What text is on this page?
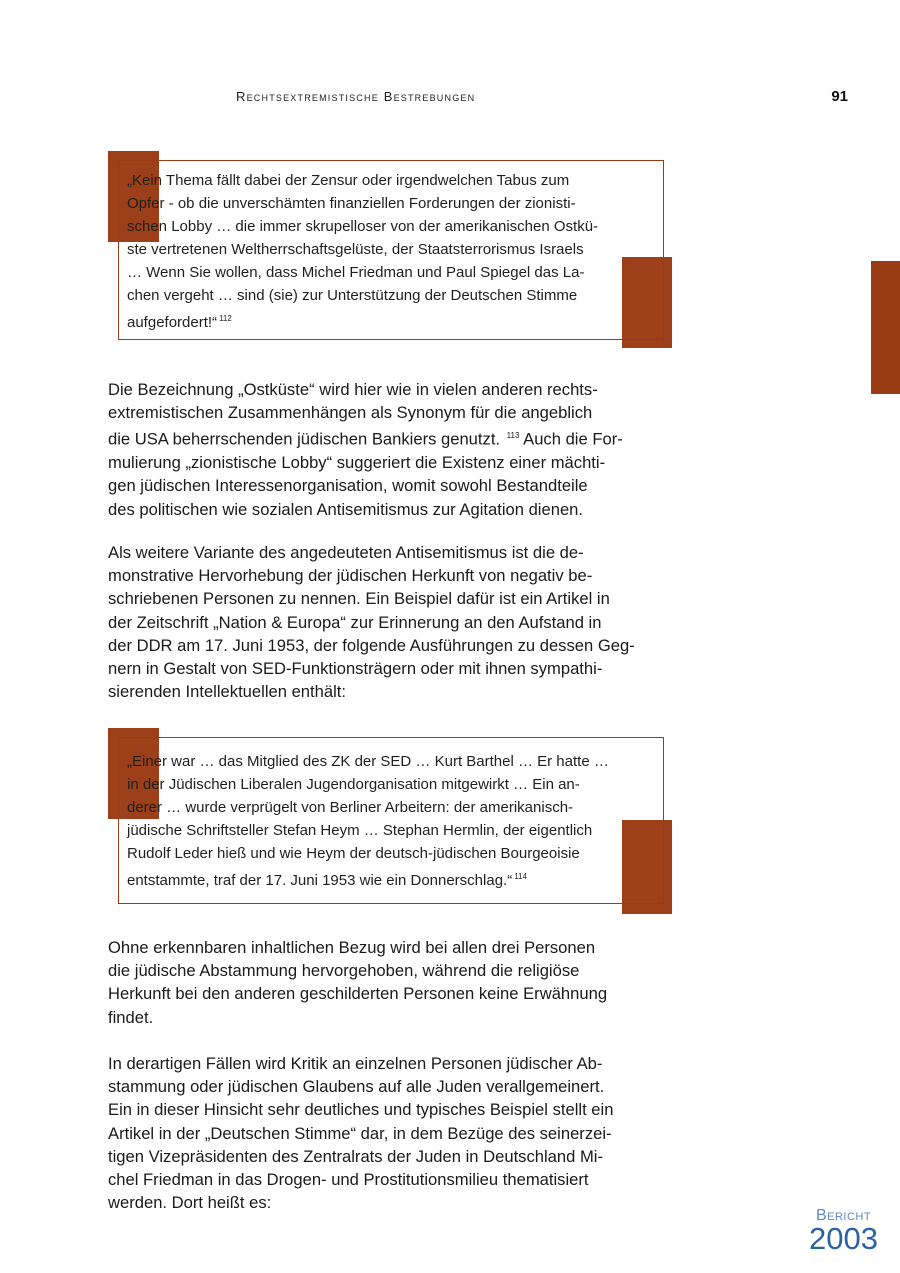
Rechtsextremistische Bestrebungen	91
„Kein Thema fällt dabei der Zensur oder irgendwelchen Tabus zum
Opfer - ob die unverschämten finanziellen Forderungen der zionisti-
schen Lobby … die immer skrupelloser von der amerikanischen Ostkü-
ste vertretenen Weltherrschaftsgelüste, der Staatsterrorismus Israels
… Wenn Sie wollen, dass Michel Friedman und Paul Spiegel das La-
chen vergeht … sind (sie) zur Unterstützung der Deutschen Stimme
aufgefordert!“ $^{112}$
Die Bezeichnung „Ostküste“ wird hier wie in vielen anderen rechts-
extremistischen Zusammenhängen als Synonym für die angeblich
die USA beherrschenden jüdischen Bankiers genutzt. $^{113}$ Auch die For-
mulierung „zionistische Lobby“ suggeriert die Existenz einer mächti-
gen jüdischen Interessenorganisation, womit sowohl Bestandteile
des politischen wie sozialen Antisemitismus zur Agitation dienen.
Als weitere Variante des angedeuteten Antisemitismus ist die de-
monstrative Hervorhebung der jüdischen Herkunft von negativ be-
schriebenen Personen zu nennen. Ein Beispiel dafür ist ein Artikel in
der Zeitschrift „Nation & Europa“ zur Erinnerung an den Aufstand in
der DDR am 17. Juni 1953, der folgende Ausführungen zu dessen Geg-
nern in Gestalt von SED-Funktionsträgern oder mit ihnen sympathi-
sierenden Intellektuellen enthält:
„Einer war … das Mitglied des ZK der SED … Kurt Barthel … Er hatte …
in der Jüdischen Liberalen Jugendorganisation mitgewirkt … Ein an-
derer … wurde verprügelt von Berliner Arbeitern: der amerikanisch-
jüdische Schriftsteller Stefan Heym … Stephan Hermlin, der eigentlich
Rudolf Leder hieß und wie Heym der deutsch-jüdischen Bourgeoisie
entstammte, traf der 17. Juni 1953 wie ein Donnerschlag.“ $^{114}$
Ohne erkennbaren inhaltlichen Bezug wird bei allen drei Personen
die jüdische Abstammung hervorgehoben, während die religiöse
Herkunft bei den anderen geschilderten Personen keine Erwähnung
findet.
In derartigen Fällen wird Kritik an einzelnen Personen jüdischer Ab-
stammung oder jüdischen Glaubens auf alle Juden verallgemeinert.
Ein in dieser Hinsicht sehr deutliches und typisches Beispiel stellt ein
Artikel in der „Deutschen Stimme“ dar, in dem Bezüge des seinerzei-
tigen Vizepräsidenten des Zentralrats der Juden in Deutschland Mi-
chel Friedman in das Drogen- und Prostitutionsmilieu thematisiert
werden. Dort heißt es:
Bericht
2003
